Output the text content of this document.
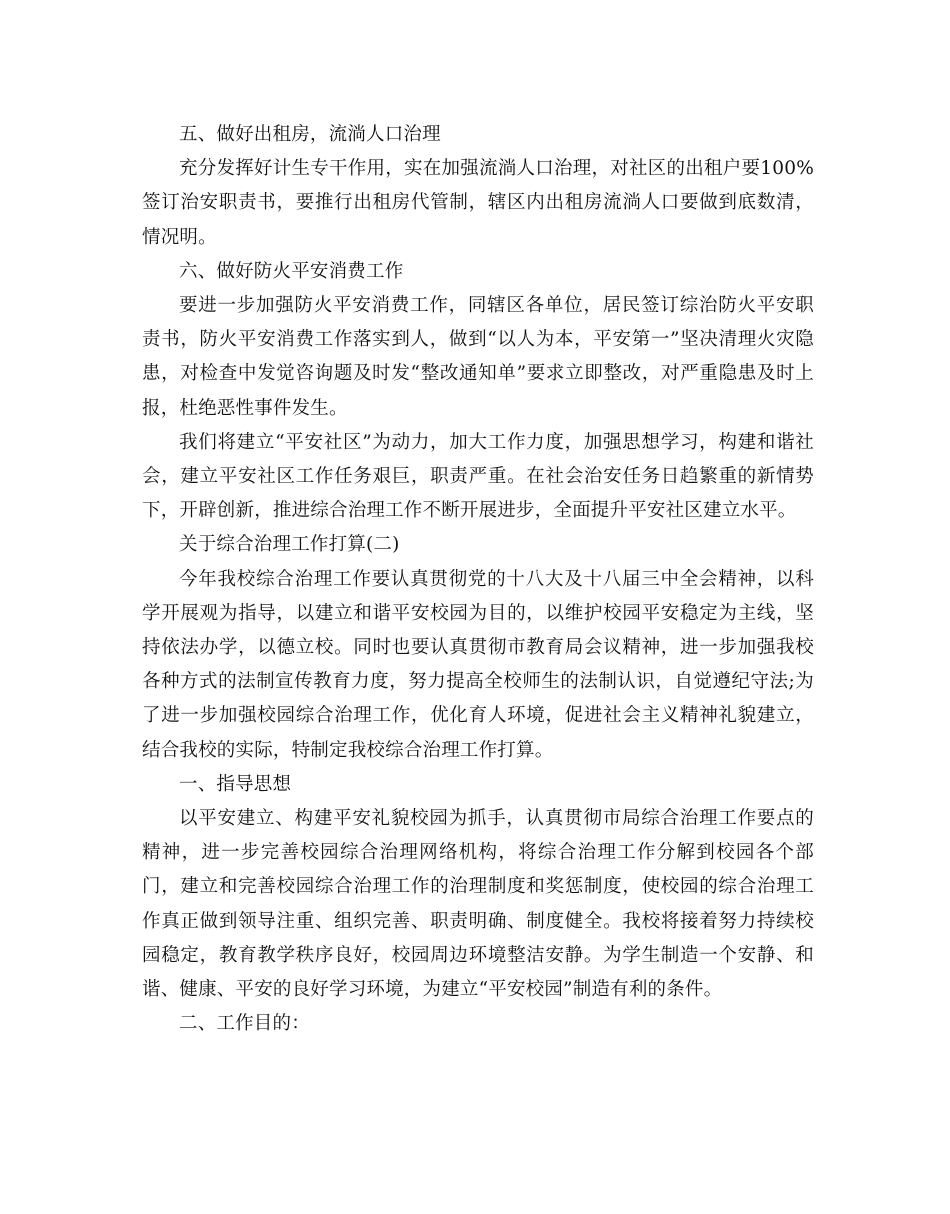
五、做好出租房，流淌人口治理

充分发挥好计生专干作用，实在加强流淌人口治理，对社区的出租户要100%签订治安职责书，要推行出租房代管制，辖区内出租房流淌人口要做到底数清，情况明。

六、做好防火平安消费工作

要进一步加强防火平安消费工作，同辖区各单位，居民签订综治防火平安职责书，防火平安消费工作落实到人，做到“以人为本，平安第一”坚决清理火灾隐患，对检查中发觉咨询题及时发“整改通知单”要求立即整改，对严重隐患及时上报，杜绝恶性事件发生。

我们将建立“平安社区”为动力，加大工作力度，加强思想学习，构建和谐社会，建立平安社区工作任务艰巨，职责严重。在社会治安任务日趋繁重的新情势下，开辟创新，推进综合治理工作不断开展进步，全面提升平安社区建立水平。

关于综合治理工作打算(二)

今年我校综合治理工作要认真贯彻党的十八大及十八届三中全会精神，以科学开展观为指导，以建立和谐平安校园为目的，以维护校园平安稳定为主线，坚持依法办学，以德立校。同时也要认真贯彻市教育局会议精神，进一步加强我校各种方式的法制宣传教育力度，努力提高全校师生的法制认识，自觉遵纪守法;为了进一步加强校园综合治理工作，优化育人环境，促进社会主义精神礼貌建立，结合我校的实际，特制定我校综合治理工作打算。

一、指导思想

以平安建立、构建平安礼貌校园为抓手，认真贯彻市局综合治理工作要点的精神，进一步完善校园综合治理网络机构，将综合治理工作分解到校园各个部门，建立和完善校园综合治理工作的治理制度和奖惩制度，使校园的综合治理工作真正做到领导注重、组织完善、职责明确、制度健全。我校将接着努力持续校园稳定，教育教学秩序良好，校园周边环境整洁安静。为学生制造一个安静、和谐、健康、平安的良好学习环境，为建立“平安校园”制造有利的条件。

二、工作目的：
